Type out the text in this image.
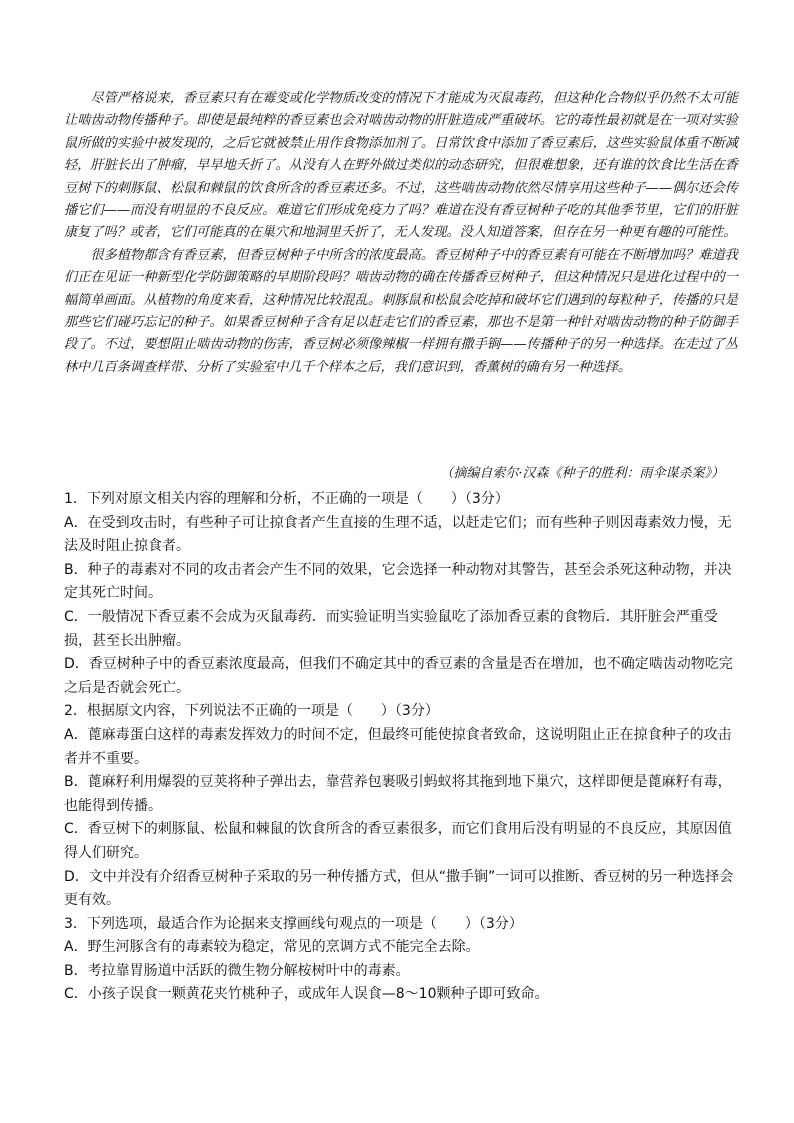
尽管严格说来，香豆素只有在霉变或化学物质改变的情况下才能成为灭鼠毒药，但这种化合物似乎仍然不太可能让啮齿动物传播种子。即使是最纯粹的香豆素也会对啮齿动物的肝脏造成严重破坏。它的毒性最初就是在一项对实验鼠所做的实验中被发现的，之后它就被禁止用作食物添加剂了。日常饮食中添加了香豆素后，这些实验鼠体重不断减轻，肝脏长出了肿瘤，早早地夭折了。从没有人在野外做过类似的动态研究，但很难想象，还有谁的饮食比生活在香豆树下的刺豚鼠、松鼠和棘鼠的饮食所含的香豆素还多。不过，这些啮齿动物依然尽情享用这些种子——偶尔还会传播它们——而没有明显的不良反应。难道它们形成免疫力了吗？难道在没有香豆树种子吃的其他季节里，它们的肝脏康复了吗？或者，它们可能真的在巢穴和地洞里夭折了，无人发现。没人知道答案，但存在另一种更有趣的可能性。

很多植物都含有香豆素，但香豆树种子中所含的浓度最高。香豆树种子中的香豆素有可能在不断增加吗？难道我们正在见证一种新型化学防御策略的早期阶段吗？啮齿动物的确在传播香豆树种子，但这种情况只是进化过程中的一幅简单画面。从植物的角度来看，这种情况比较混乱。刺豚鼠和松鼠会吃掉和破坏它们遇到的每粒种子，传播的只是那些它们碰巧忘记的种子。如果香豆树种子含有足以赶走它们的香豆素，那也不是第一种针对啮齿动物的种子防御手段了。不过，要想阻止啮齿动物的伤害，香豆树必须像辣椒一样拥有撒手锏——传播种子的另一种选择。在走过了丛林中几百条调查样带、分析了实验室中几千个样本之后，我们意识到，香薰树的确有另一种选择。

（摘编自索尔·汉森《种子的胜利：雨伞谋杀案》）
1．下列对原文相关内容的理解和分析，不正确的一项是（　　）（3分）
A．在受到攻击时，有些种子可让掠食者产生直接的生理不适，以赶走它们；而有些种子则因毒素效力慢，无法及时阻止掠食者。
B．种子的毒素对不同的攻击者会产生不同的效果，它会选择一种动物对其警告，甚至会杀死这种动物，并决定其死亡时间。
C．一般情况下香豆素不会成为灭鼠毒药．而实验证明当实验鼠吃了添加香豆素的食物后．其肝脏会严重受损，甚至长出肿瘤。
D．香豆树种子中的香豆素浓度最高，但我们不确定其中的香豆素的含量是否在增加，也不确定啮齿动物吃完之后是否就会死亡。
2．根据原文内容，下列说法不正确的一项是（　　）（3分）
A．蓖麻毒蛋白这样的毒素发挥效力的时间不定，但最终可能使掠食者致命，这说明阻止正在掠食种子的攻击者并不重要。
B．蓖麻籽利用爆裂的豆荚将种子弹出去，靠营养包裹吸引蚂蚁将其拖到地下巢穴，这样即便是蓖麻籽有毒，也能得到传播。
C．香豆树下的刺豚鼠、松鼠和棘鼠的饮食所含的香豆素很多，而它们食用后没有明显的不良反应，其原因值得人们研究。
D．文中并没有介绍香豆树种子采取的另一种传播方式，但从“撒手锏”一词可以推断、香豆树的另一种选择会更有效。
3．下列选项，最适合作为论据来支撑画线句观点的一项是（　　）（3分）
A．野生河豚含有的毒素较为稳定，常见的烹调方式不能完全去除。
B．考拉靠胃肠道中活跃的微生物分解桉树叶中的毒素。
C．小孩子误食一颗黄花夹竹桃种子，或成年人误食—8～10颗种子即可致命。
